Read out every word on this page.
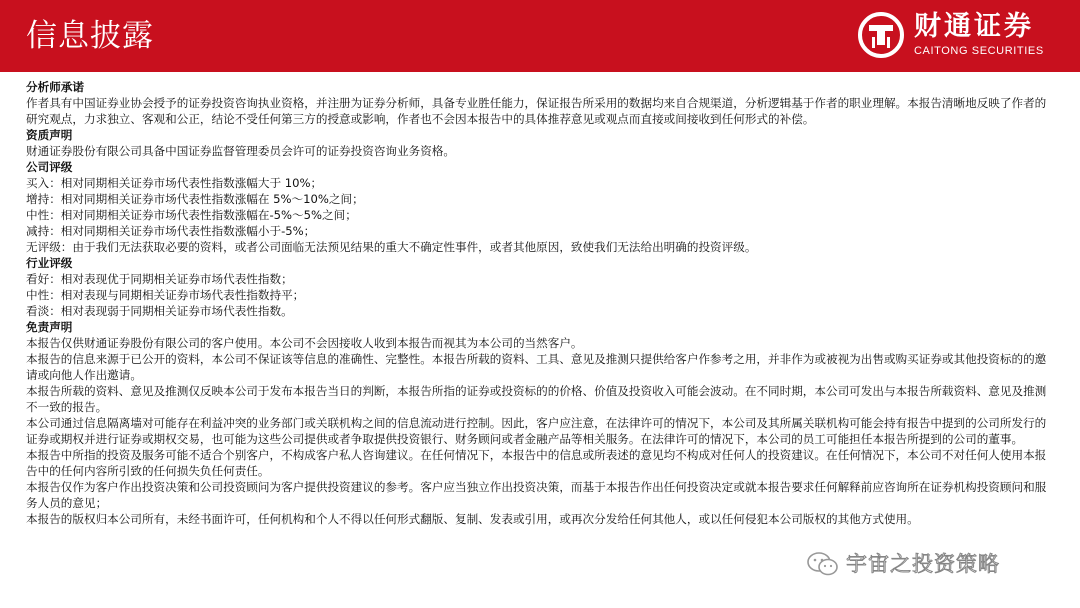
信息披露	财通证券
CAITONG SECURITIES

分析师承诺

作者具有中国证券业协会授予的证券投资咨询执业资格，并注册为证券分析师，具备专业胜任能力，保证报告所采用的数据均来自合规渠道，分析逻辑基于作者的职业理解。本报告清晰地反映了作者的研究观点，力求独立、客观和公正，结论不受任何第三方的授意或影响，作者也不会因本报告中的具体推荐意见或观点而直接或间接收到任何形式的补偿。

资质声明

财通证券股份有限公司具备中国证券监督管理委员会许可的证券投资咨询业务资格。

公司评级

买入：相对同期相关证券市场代表性指数涨幅大于 10%；

增持：相对同期相关证券市场代表性指数涨幅在 5%～10%之间；

中性：相对同期相关证券市场代表性指数涨幅在-5%～5%之间；

减持：相对同期相关证券市场代表性指数涨幅小于-5%；

无评级：由于我们无法获取必要的资料，或者公司面临无法预见结果的重大不确定性事件，或者其他原因，致使我们无法给出明确的投资评级。

行业评级

看好：相对表现优于同期相关证券市场代表性指数；

中性：相对表现与同期相关证券市场代表性指数持平；

看淡：相对表现弱于同期相关证券市场代表性指数。

免责声明

本报告仅供财通证券股份有限公司的客户使用。本公司不会因接收人收到本报告而视其为本公司的当然客户。

本报告的信息来源于已公开的资料，本公司不保证该等信息的准确性、完整性。本报告所载的资料、工具、意见及推测只提供给客户作参考之用，并非作为或被视为出售或购买证券或其他投资标的的邀请或向他人作出邀请。

本报告所载的资料、意见及推测仅反映本公司于发布本报告当日的判断，本报告所指的证券或投资标的的价格、价值及投资收入可能会波动。在不同时期，本公司可发出与本报告所载资料、意见及推测不一致的报告。

本公司通过信息隔离墙对可能存在利益冲突的业务部门或关联机构之间的信息流动进行控制。因此，客户应注意，在法律许可的情况下，本公司及其所属关联机构可能会持有报告中提到的公司所发行的证券或期权并进行证券或期权交易，也可能为这些公司提供或者争取提供投资银行、财务顾问或者金融产品等相关服务。在法律许可的情况下，本公司的员工可能担任本报告所提到的公司的董事。

本报告中所指的投资及服务可能不适合个别客户，不构成客户私人咨询建议。在任何情况下，本报告中的信息或所表述的意见均不构成对任何人的投资建议。在任何情况下，本公司不对任何人使用本报告中的任何内容所引致的任何损失负任何责任。

本报告仅作为客户作出投资决策和公司投资顾问为客户提供投资建议的参考。客户应当独立作出投资决策，而基于本报告作出任何投资决定或就本报告要求任何解释前应咨询所在证券机构投资顾问和服务人员的意见；

本报告的版权归本公司所有，未经书面许可，任何机构和个人不得以任何形式翻版、复制、发表或引用，或再次分发给任何其他人，或以任何侵犯本公司版权的其他方式使用。

宇宙之投资策略
